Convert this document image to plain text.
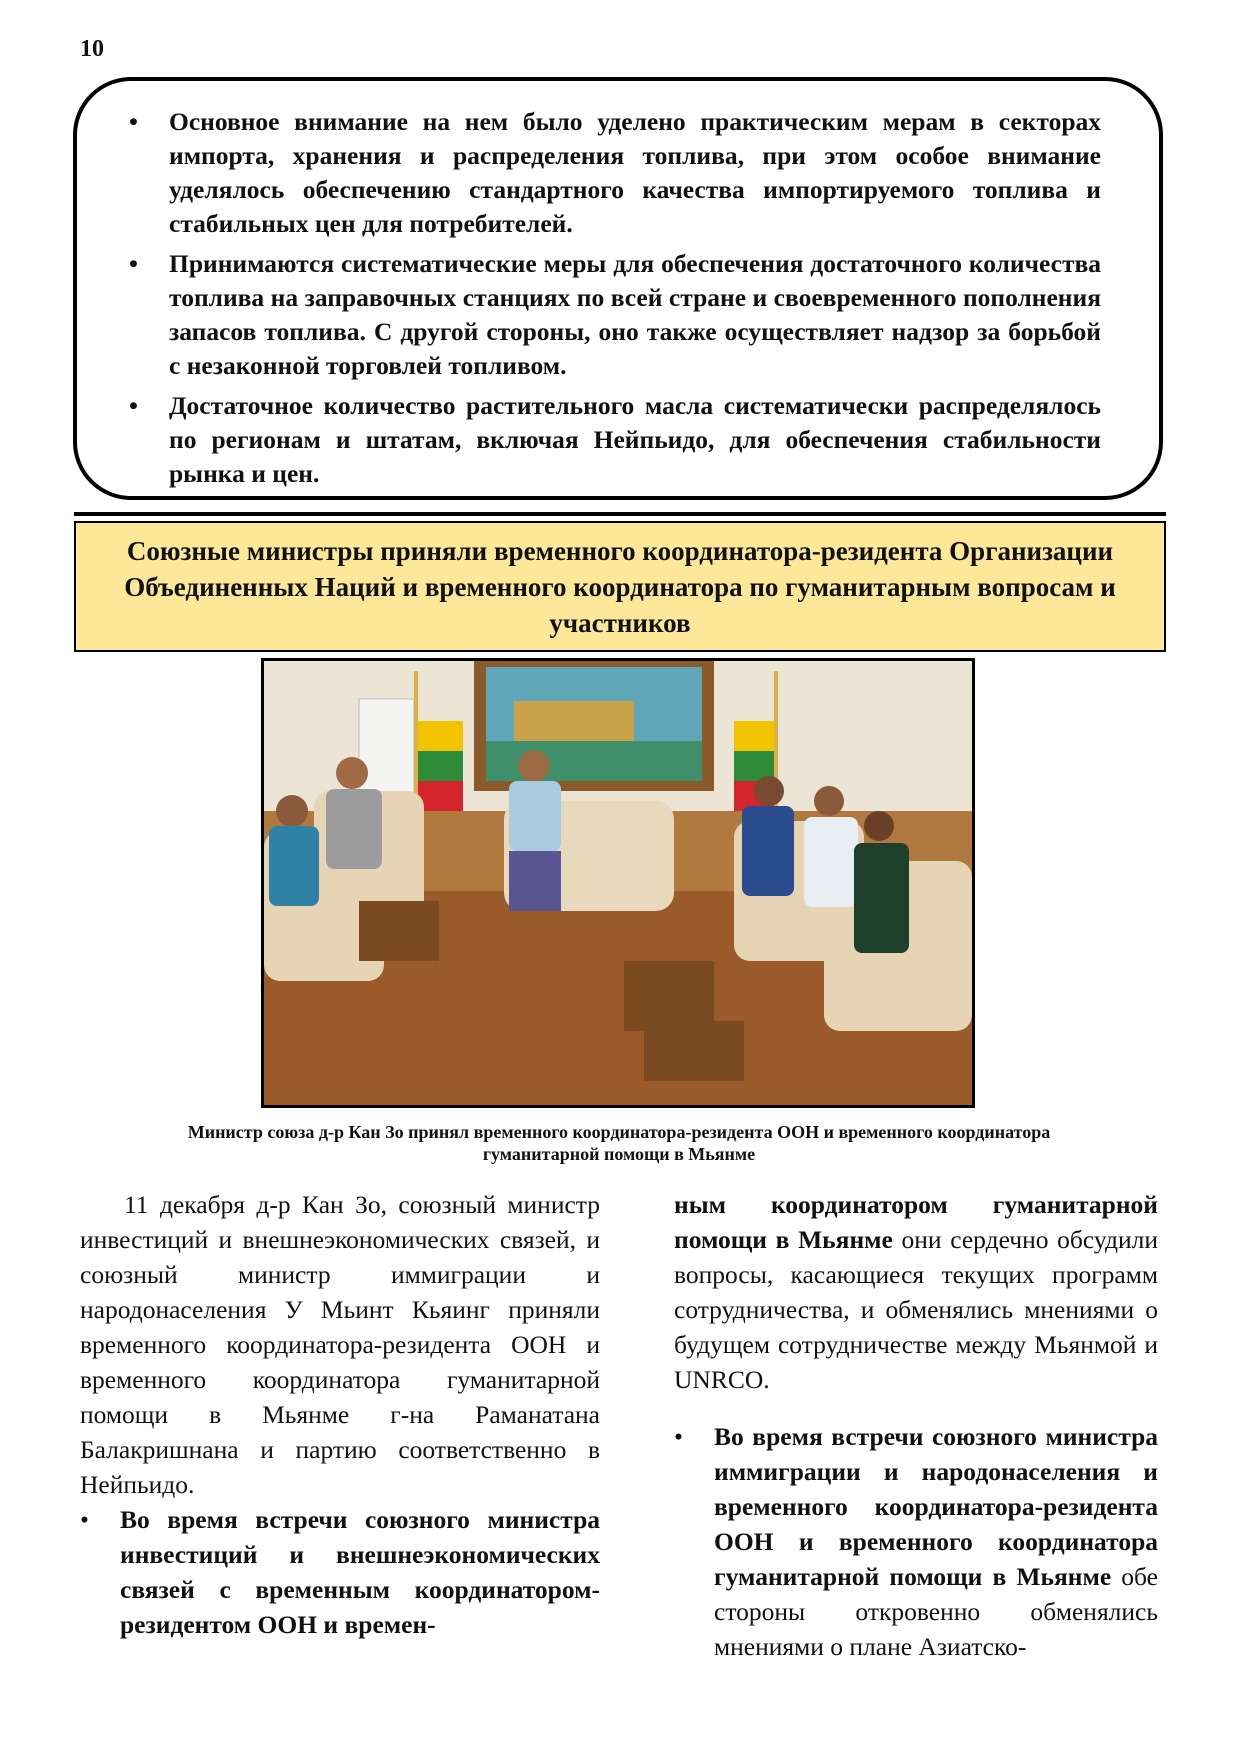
10
• Основное внимание на нем было уделено практическим мерам в секторах импорта, хранения и распределения топлива, при этом особое внимание уделялось обеспечению стандартного качества импортируемого топлива и стабильных цен для потребителей.
• Принимаются систематические меры для обеспечения достаточного количества топлива на заправочных станциях по всей стране и своевременного пополнения запасов топлива. С другой стороны, оно также осуществляет надзор за борьбой с незаконной торговлей топливом.
• Достаточное количество растительного масла систематически распределялось по регионам и штатам, включая Нейпьидо, для обеспечения стабильности рынка и цен.
Союзные министры приняли временного координатора-резидента Организации Объединенных Наций и временного координатора по гуманитарным вопросам и участников
Министр союза д-р Кан Зо принял временного координатора-резидента ООН и временного координатора гуманитарной помощи в Мьянме

11 декабря д-р Кан Зо, союзный министр инвестиций и внешнеэкономических связей, и союзный министр иммиграции и народонаселения У Мьинт Кьяинг приняли временного координатора-резидента ООН и временного координатора гуманитарной помощи в Мьянме г-на Раманатана Балакришнана и партию соответственно в Нейпьидо.

• Во время встречи союзного министра инвестиций и внешнеэкономических связей с временным координатором-резидентом ООН и времен-

ным координатором гуманитарной помощи в Мьянме они сердечно обсудили вопросы, касающиеся текущих программ сотрудничества, и обменялись мнениями о будущем сотрудничестве между Мьянмой и UNRCO.

• Во время встречи союзного министра иммиграции и народонаселения и временного координатора-резидента ООН и временного координатора гуманитарной помощи в Мьянме обе стороны откровенно обменялись мнениями о плане Азиатско-
